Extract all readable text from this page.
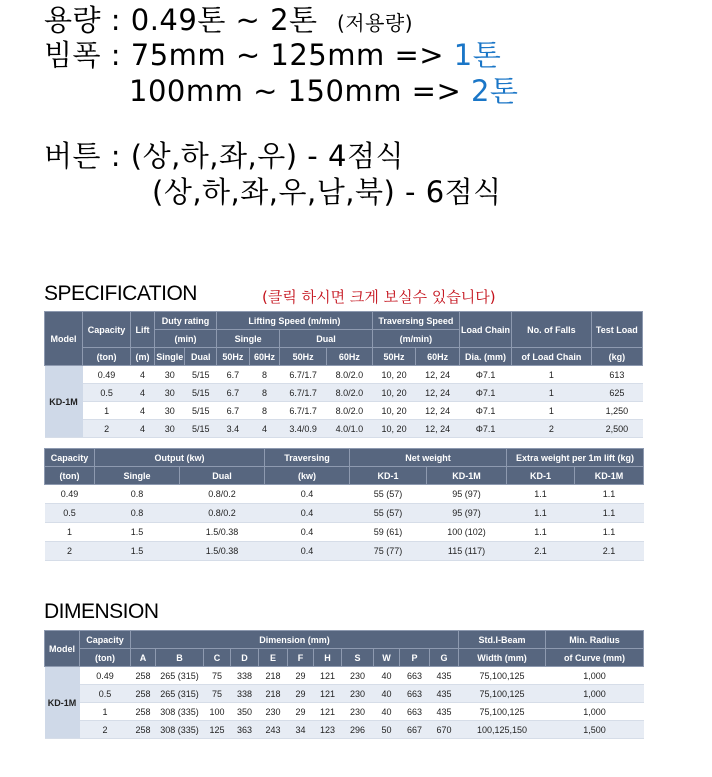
용량 : 0.49톤 ~ 2톤 (저용량)
빔폭 : 75mm ~ 125mm => 1톤
100mm ~ 150mm => 2톤
버튼 : (상,하,좌,우) - 4점식
(상,하,좌,우,남,북) - 6점식
SPECIFICATION	(클릭 하시면 크게 보실수 있습니다)
Model	Capacity	Lift	Duty rating		Lifting Speed (m/min)				Traversing Speed		Load Chain	No. of Falls	Test Load
			(min)		Single		Dual		(m/min)				
	(ton)	(m)	Single	Dual	50Hz	60Hz	50Hz	60Hz	50Hz	60Hz	Dia. (mm)	of Load Chain	(kg)
KD-1M	0.49	4	30	5/15	6.7	8	6.7/1.7	8.0/2.0	10, 20	12, 24	Φ7.1	1	613
	0.5	4	30	5/15	6.7	8	6.7/1.7	8.0/2.0	10, 20	12, 24	Φ7.1	1	625
	1	4	30	5/15	6.7	8	6.7/1.7	8.0/2.0	10, 20	12, 24	Φ7.1	1	1,250
	2	4	30	5/15	3.4	4	3.4/0.9	4.0/1.0	10, 20	12, 24	Φ7.1	2	2,500
Capacity	Output (kw)		Traversing	Net weight		Extra weight per 1m lift (kg)	
(ton)	Single	Dual	(kw)	KD-1	KD-1M	KD-1	KD-1M
0.49	0.8	0.8/0.2	0.4	55 (57)	95 (97)	1.1	1.1
0.5	0.8	0.8/0.2	0.4	55 (57)	95 (97)	1.1	1.1
1	1.5	1.5/0.38	0.4	59 (61)	100 (102)	1.1	1.1
2	1.5	1.5/0.38	0.4	75 (77)	115 (117)	2.1	2.1
DIMENSION
Model	Capacity	Dimension (mm)											Std.I-Beam	Min. Radius
	(ton)	A	B	C	D	E	F	H	S	W	P	G	Width (mm)	of Curve (mm)
KD-1M	0.49	258	265 (315)	75	338	218	29	121	230	40	663	435	75,100,125	1,000
	0.5	258	265 (315)	75	338	218	29	121	230	40	663	435	75,100,125	1,000
	1	258	308 (335)	100	350	230	29	121	230	40	663	435	75,100,125	1,000
	2	258	308 (335)	125	363	243	34	123	296	50	667	670	100,125,150	1,500
